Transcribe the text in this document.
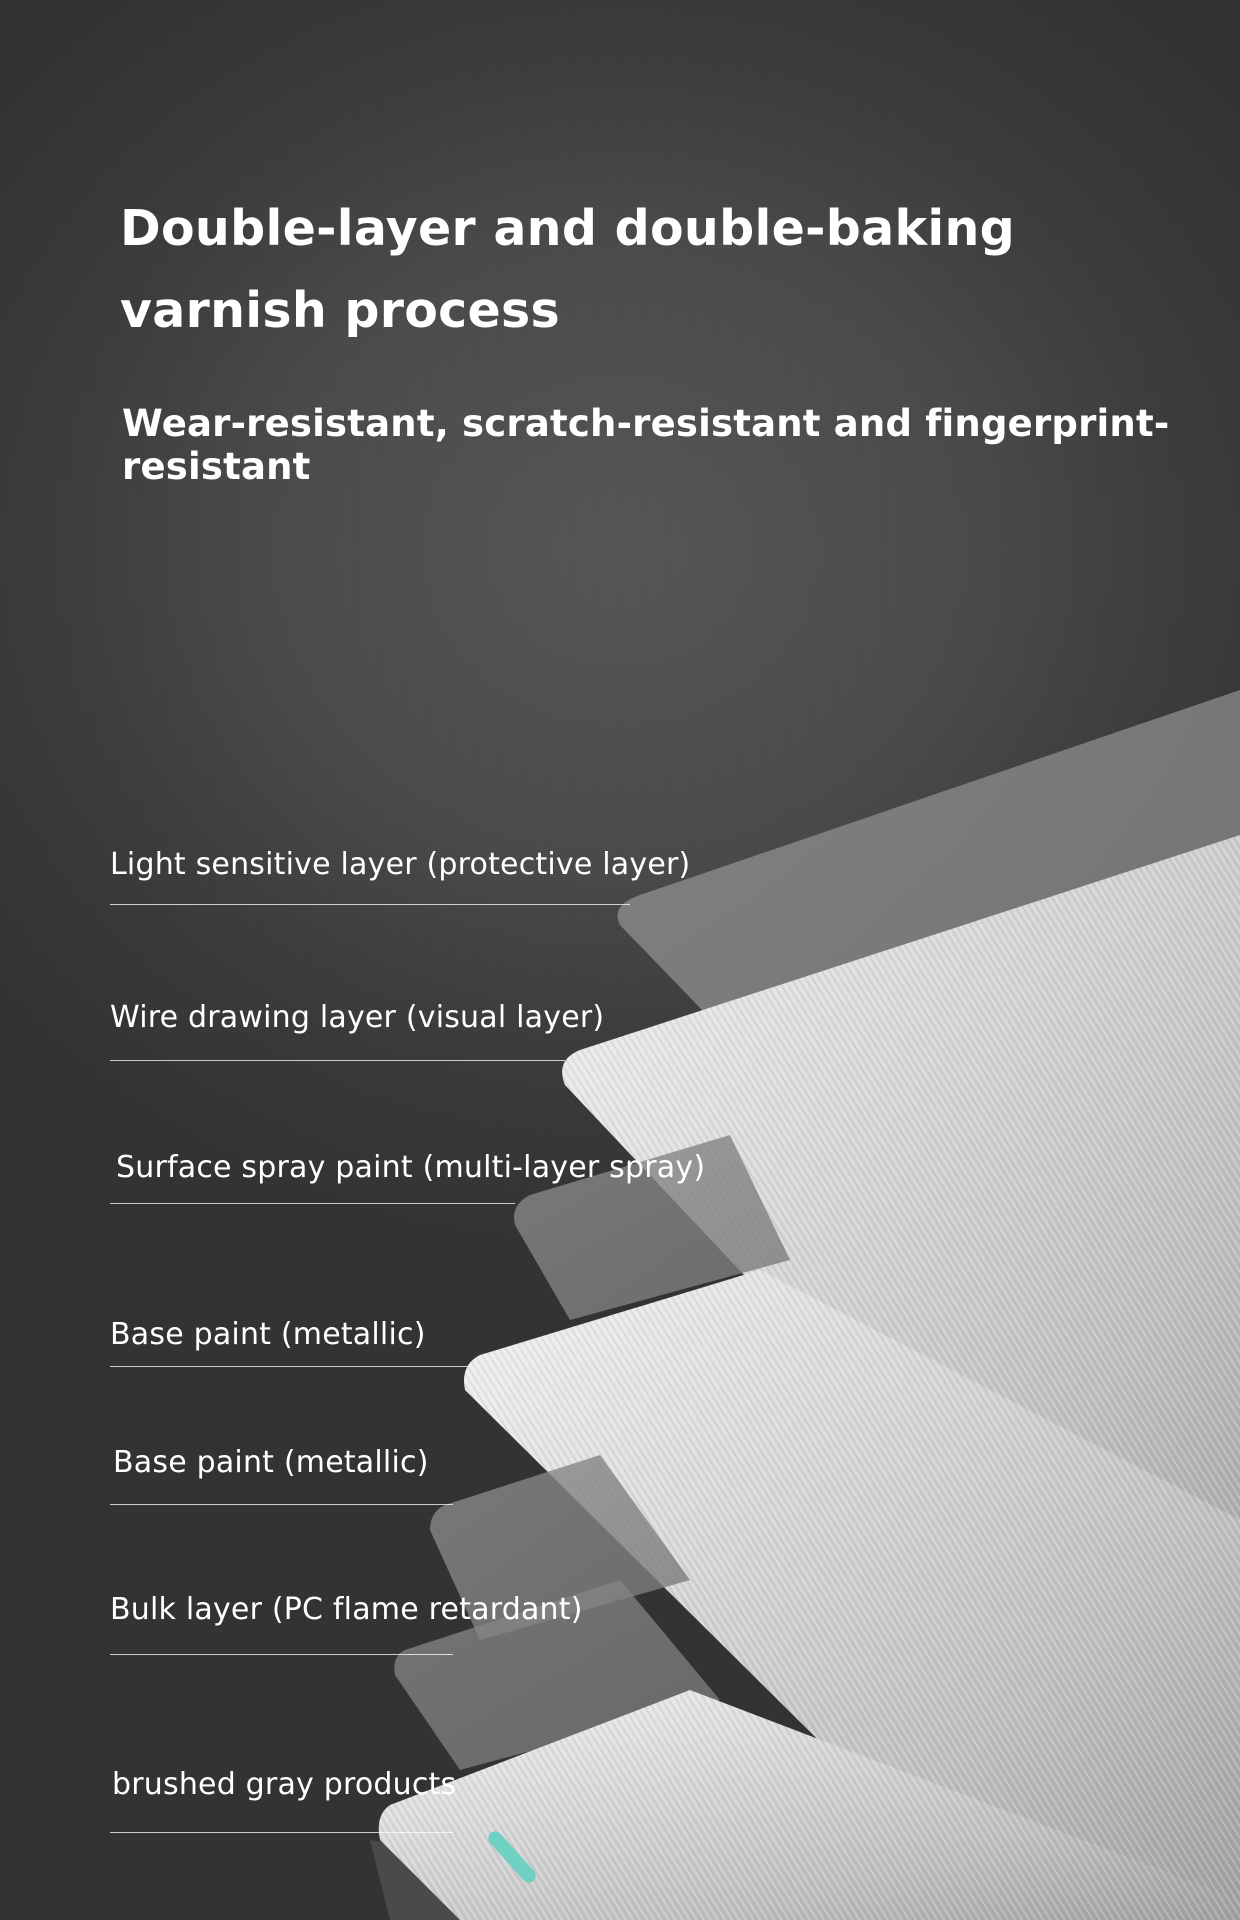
Double-layer and double-baking
varnish process
Wear-resistant, scratch-resistant and fingerprint-resistant
Light sensitive layer (protective layer)
Wire drawing layer (visual layer)
Surface spray paint (multi-layer spray)
Base paint (metallic)
Base paint (metallic)
Bulk layer (PC flame retardant)
brushed gray products
